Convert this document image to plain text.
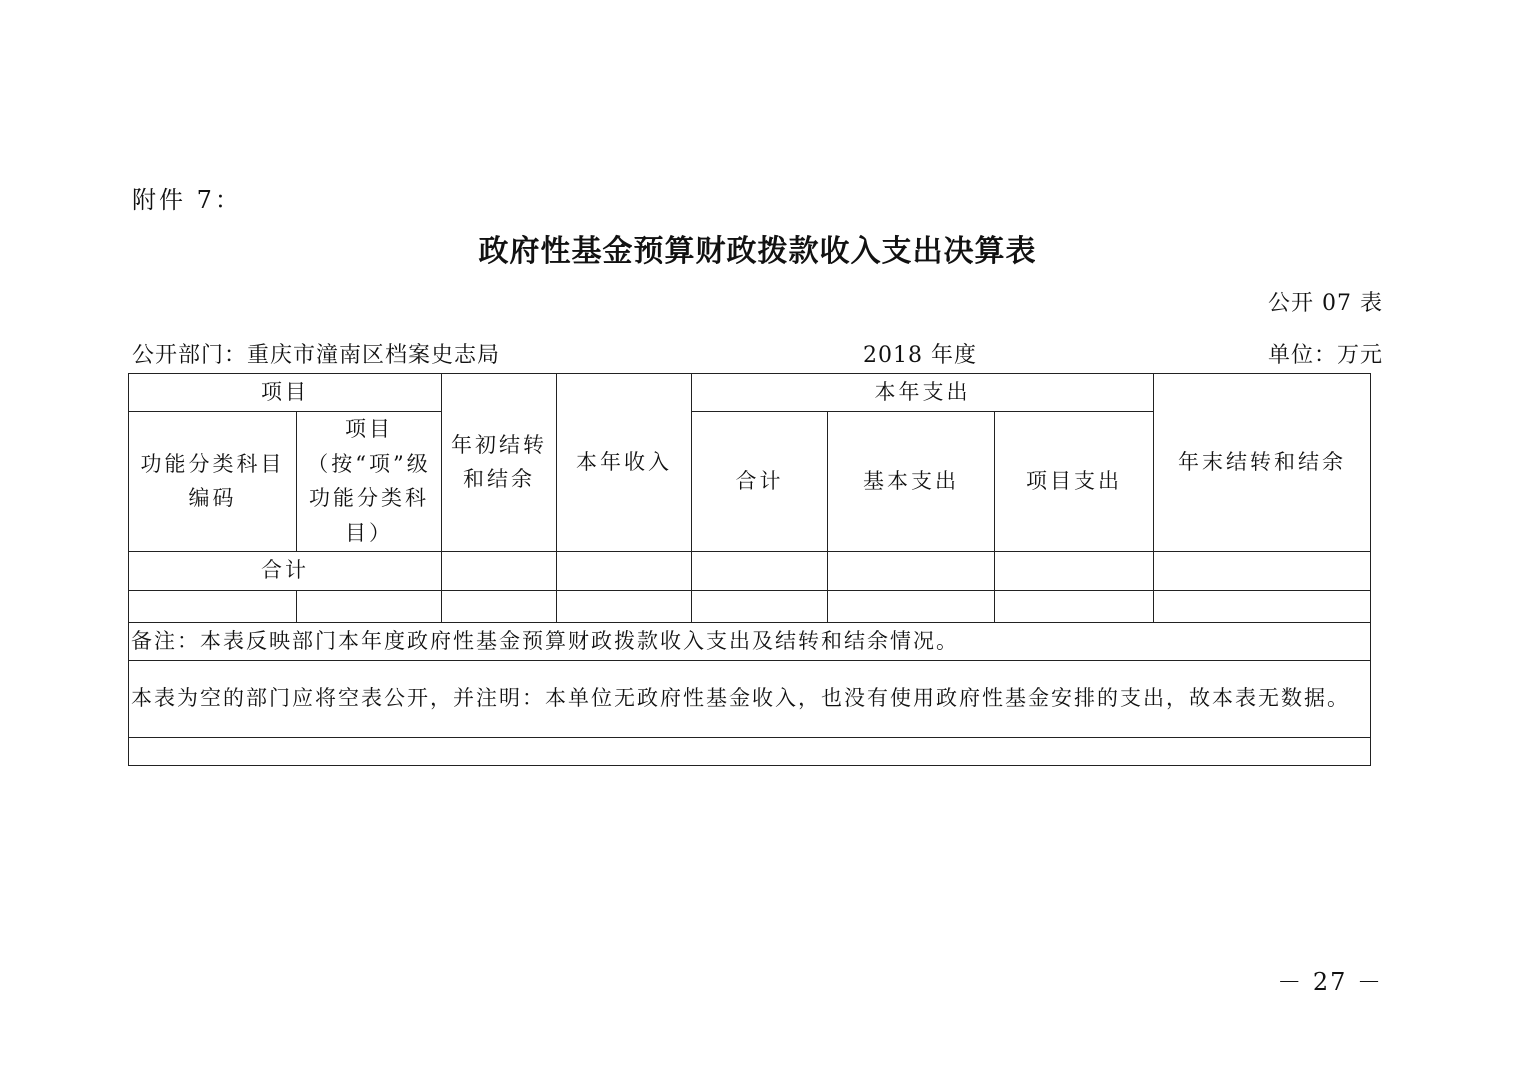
附件 7：
政府性基金预算财政拨款收入支出决算表
公开 07 表
公开部门：重庆市潼南区档案史志局	2018 年度	单位：万元
项目		年初结转和结余	本年收入	本年支出			年末结转和结余

功能分类科目编码	项目（按“项”级功能分类科目）			合计	基本支出	项目支出	
合计							

备注：本表反映部门本年度政府性基金预算财政拨款收入支出及结转和结余情况。							

本表为空的部门应将空表公开，并注明：本单位无政府性基金收入，也没有使用政府性基金安排的支出，故本表无数据。							

－ 27 －
